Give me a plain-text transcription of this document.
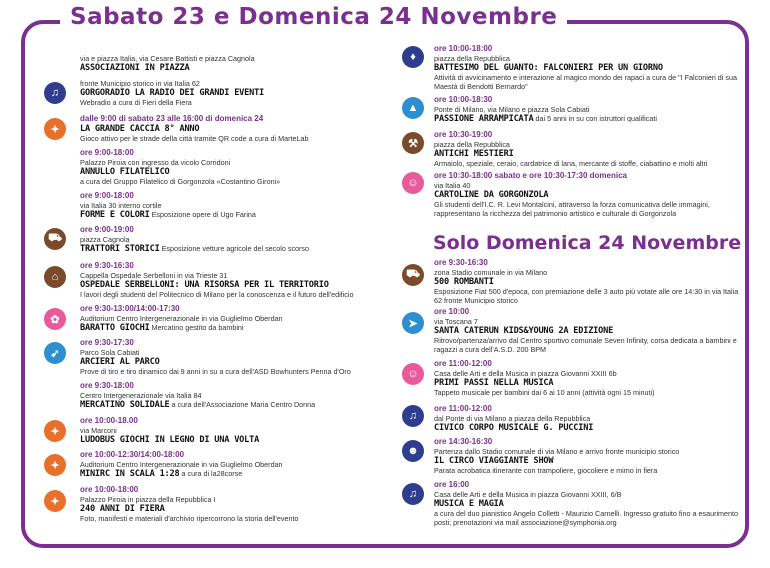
Sabato 23 e Domenica 24 Novembre
Solo Domenica 24 Novembre
via e piazza Italia, via Cesare Battisti e piazza Cagnola
ASSOCIAZIONI IN PIAZZA
♫
fronte Municipio storico in via Italia 62
GORGORADIO LA RADIO DEI GRANDI EVENTI
Webradio a cura di Fieri della Fiera
✦
dalle 9:00 di sabato 23 alle 16:00 di domenica 24
LA GRANDE CACCIA 8° ANNO
Gioco attivo per le strade della città tramite QR code a cura di MarteLab
ore 9:00-18:00
Palazzo Piroia con ingresso da vicolo Corridoni
ANNULLO FILATELICO
a cura del Gruppo Filatelico di Gorgonzola «Costantino Gironi»
ore 9:00-18:00
via Italia 30 interno cortile
FORME E COLORI Esposizione opere di Ugo Farina
⛟
ore 9:00-19:00
piazza Cagnola
TRATTORI STORICI Esposizione vetture agricole del secolo scorso
⌂
ore 9:30-16:30
Cappella Ospedale Serbelloni in via Trieste 31
OSPEDALE SERBELLONI: UNA RISORSA PER IL TERRITORIO
I lavori degli studenti del Politecnico di Milano per la conoscenza e il futuro dell'edificio
✿
ore 9:30-13:00/14:00-17:30
Auditorium Centro Intergenerazionale in via Guglielmo Oberdan
BARATTO GIOCHI Mercatino gestito da bambini
➶
ore 9:30-17:30
Parco Sola Cabiati
ARCIERI AL PARCO
Prove di tiro e tiro dinamico dai 9 anni in su a cura dell'ASD Bowhunters Penna d'Oro
ore 9:30-18:00
Centro Intergenerazionale via Italia 84
MERCATINO SOLIDALE a cura dell'Associazione Maria Centro Donna
✦
ore 10:00-18.00
via Marconi
LUDOBUS GIOCHI IN LEGNO DI UNA VOLTA
✦
ore 10:00-12:30/14:00-18:00
Auditorium Centro Intergenerazionale in via Guglielmo Oberdan
MINIRC IN SCALA 1:28 a cura di la28corse
✦
ore 10:00-18:00
Palazzo Piroia in piazza della Repubblica I
240 ANNI DI FIERA
Foto, manifesti e materiali d'archivio ripercorrono la storia dell'evento
♦
ore 10:00-18:00
piazza della Repubblica
BATTESIMO DEL GUANTO: FALCONIERI PER UN GIORNO
Attività di avvicinamento e interazione al magico mondo dei rapaci a cura de "I Falconieri di sua Maestà di Bendotti Bernardo"
▲
ore 10:00-18:30
Ponte di Milano, via Milano e piazza Sola Cabiati
PASSIONE ARRAMPICATA dai 5 anni in su con istruttori qualificati
⚒
ore 10:30-19:00
piazza della Repubblica
ANTICHI MESTIERI
Armaiolo, speziale, ceraio, cardatrice di lana, mercante di stoffe, ciabattino e molti altri
☺
ore 10:30-18:00 sabato e ore 10:30-17:30 domenica
via Italia 40
CARTOLINE DA GORGONZOLA
Gli studenti dell'I.C. R. Levi Montalcini, attraverso la forza comunicativa delle immagini, rappresentano la ricchezza del patrimonio artistico e culturale di Gorgonzola
⛟
ore 9:30-16:30
zona Stadio comunale in via Milano
500 ROMBANTI
Esposizione Fiat 500 d'epoca, con premiazione delle 3 auto più votate alle ore 14:30 in via Italia 62 fronte Municipio storico
➤
ore 10:00
via Toscana 7
SANTA CATERUN KIDS&YOUNG 2A EDIZIONE
Ritrovo/partenza/arrivo dal Centro sportivo comunale Seven Infinity, corsa dedicata a bambini e ragazzi a cura dell'A.S.D. 200 BPM
☺
ore 11:00-12:00
Casa delle Arti e della Musica in piazza Giovanni XXIII 6b
PRIMI PASSI NELLA MUSICA
Tappeto musicale per bambini dai 6 ai 10 anni (attività ogni 15 minuti)
♫
ore 11:00-12:00
dal Ponte di via Milano a piazza della Repubblica
CIVICO CORPO MUSICALE G. PUCCINI
☻
ore 14:30-16:30
Partenza dallo Stadio comunale di via Milano e arrivo fronte municipio storico
IL CIRCO VIAGGIANTE SHOW
Parata acrobatica itinerante con trampoliere, giocoliere e mimo in fiera
♫
ore 16:00
Casa delle Arti e della Musica in piazza Giovanni XXIII, 6/B
MUSICA E MAGIA
a cura del duo pianistico Angelo Colletti - Maurizio Carnelli. Ingresso gratuito fino a esaurimento posti; prenotazioni via mail associazione@symphonia.org
